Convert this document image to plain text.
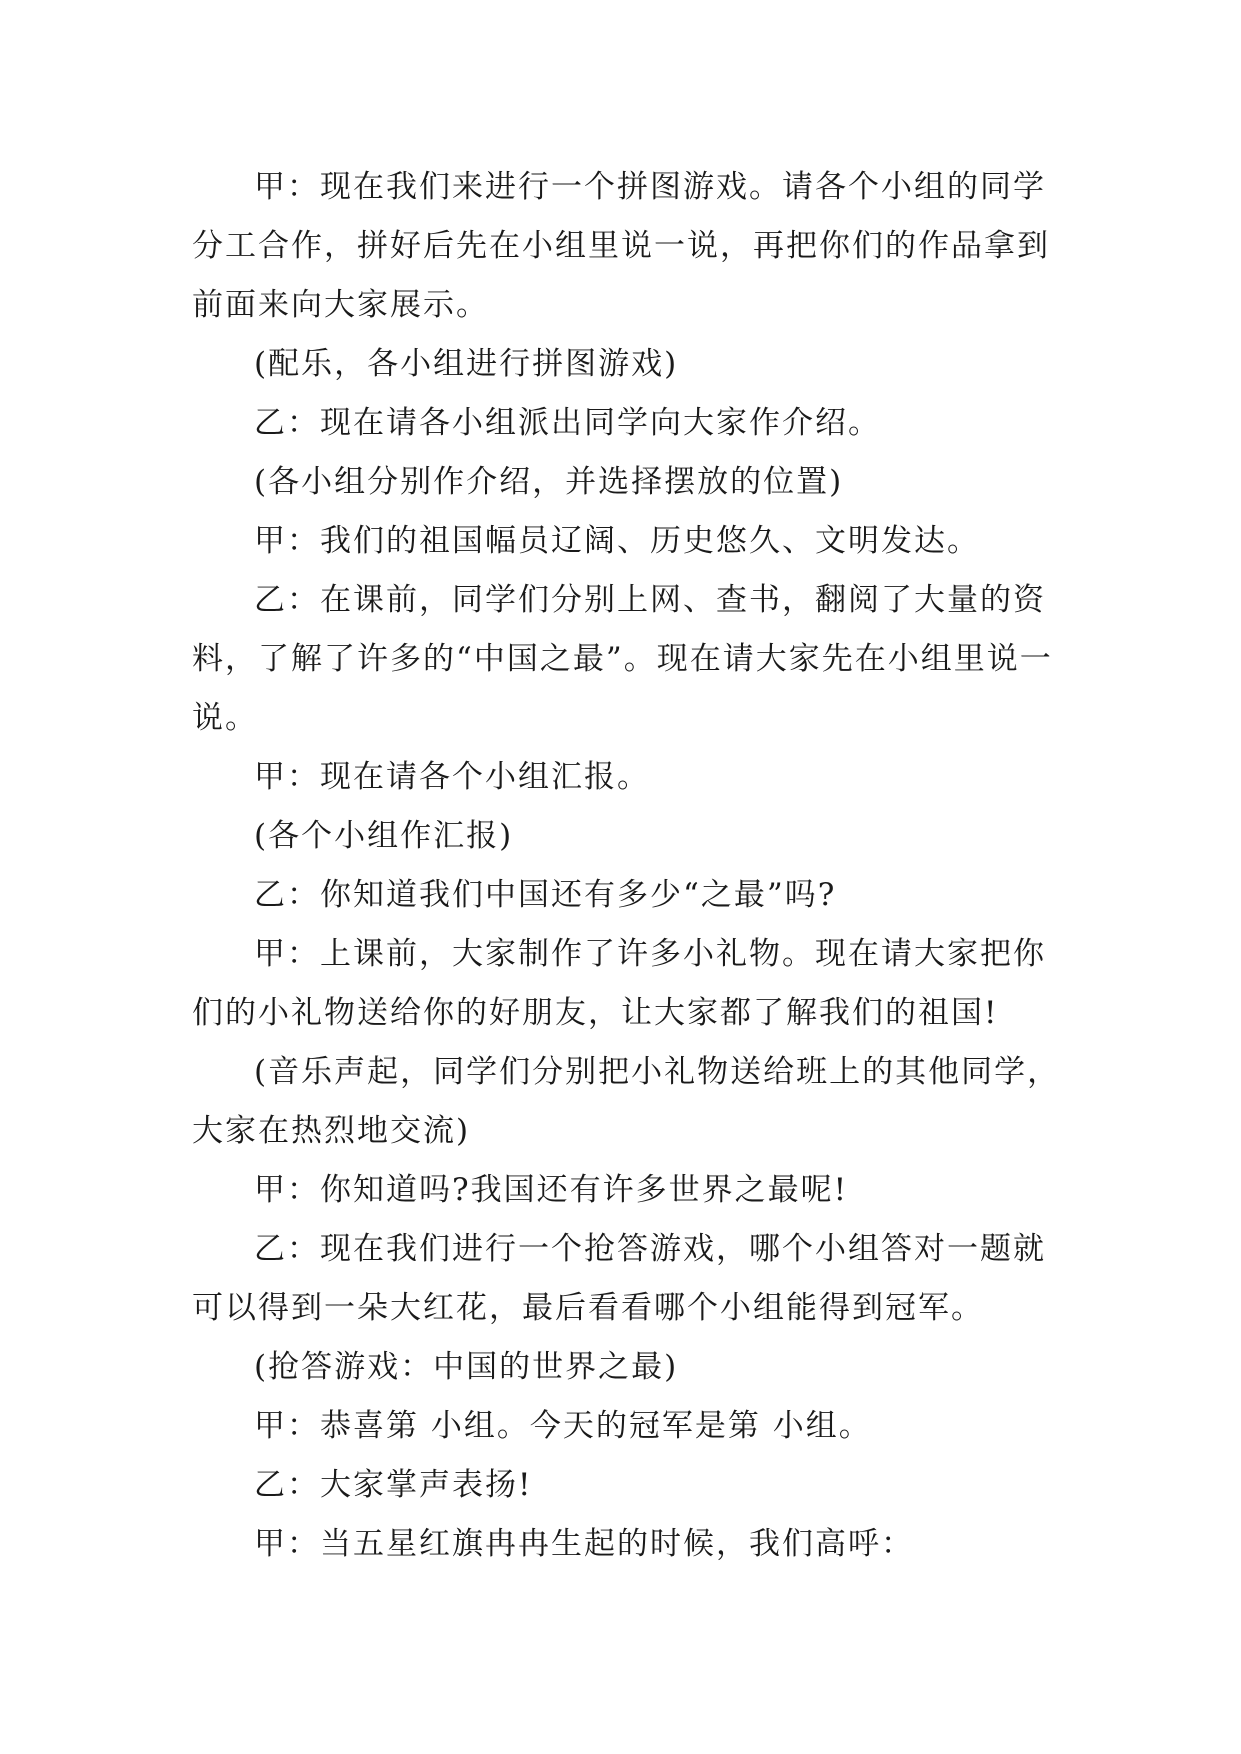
甲：现在我们来进行一个拼图游戏。请各个小组的同学分工合作，拼好后先在小组里说一说，再把你们的作品拿到前面来向大家展示。

(配乐，各小组进行拼图游戏)

乙：现在请各小组派出同学向大家作介绍。

(各小组分别作介绍，并选择摆放的位置)

甲：我们的祖国幅员辽阔、历史悠久、文明发达。

乙：在课前，同学们分别上网、查书，翻阅了大量的资料，了解了许多的“中国之最”。现在请大家先在小组里说一说。

甲：现在请各个小组汇报。

(各个小组作汇报)

乙：你知道我们中国还有多少“之最”吗?

甲：上课前，大家制作了许多小礼物。现在请大家把你们的小礼物送给你的好朋友，让大家都了解我们的祖国!

(音乐声起，同学们分别把小礼物送给班上的其他同学，大家在热烈地交流)

甲：你知道吗?我国还有许多世界之最呢!

乙：现在我们进行一个抢答游戏，哪个小组答对一题就可以得到一朵大红花，最后看看哪个小组能得到冠军。

(抢答游戏：中国的世界之最)

甲：恭喜第 小组。今天的冠军是第 小组。

乙：大家掌声表扬!

甲：当五星红旗冉冉生起的时候，我们高呼：
